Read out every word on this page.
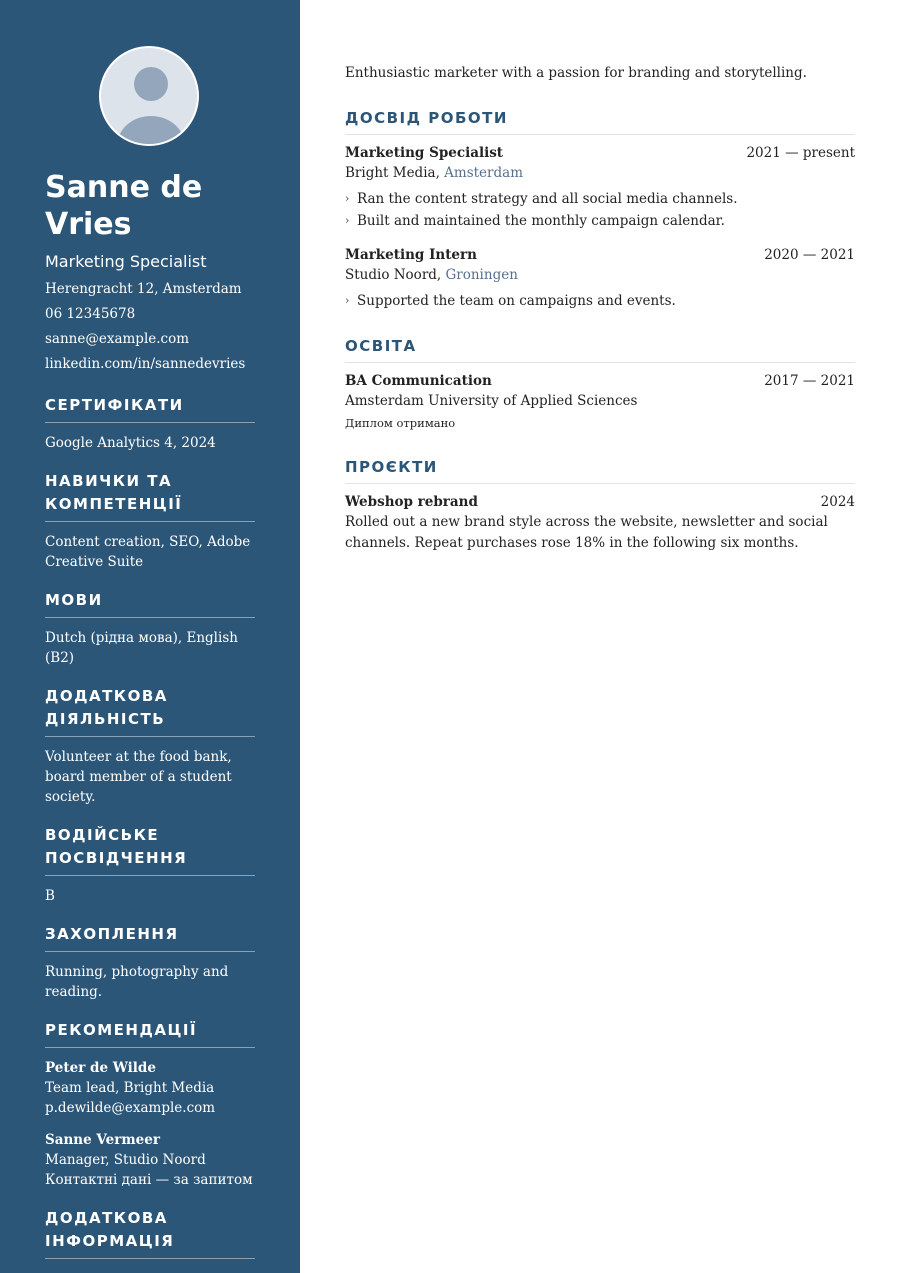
Sanne de Vries
Marketing Specialist
Herengracht 12, Amsterdam
06 12345678
sanne@example.com
linkedin.com/in/sannedevries
СЕРТИФІКАТИ
Google Analytics 4, 2024
НАВИЧКИ ТА КОМПЕТЕНЦІЇ
Content creation, SEO, Adobe Creative Suite
МОВИ
Dutch (рідна мова), English (B2)
ДОДАТКОВА ДІЯЛЬНІСТЬ
Volunteer at the food bank, board member of a student society.
ВОДІЙСЬКЕ ПОСВІДЧЕННЯ
B
ЗАХОПЛЕННЯ
Running, photography and reading.
РЕКОМЕНДАЦІЇ
Peter de Wilde
Team lead, Bright Media
p.dewilde@example.com
Sanne Vermeer
Manager, Studio Noord
Контактні дані — за запитом
ДОДАТКОВА ІНФОРМАЦІЯ
Enthusiastic marketer with a passion for branding and storytelling.
ДОСВІД РОБОТИ
Marketing Specialist	2021 — present
Bright Media, Amsterdam
› Ran the content strategy and all social media channels.
› Built and maintained the monthly campaign calendar.
Marketing Intern	2020 — 2021
Studio Noord, Groningen
› Supported the team on campaigns and events.
ОСВІТА
BA Communication	2017 — 2021
Amsterdam University of Applied Sciences
Диплом отримано
ПРОЄКТИ
Webshop rebrand	2024
Rolled out a new brand style across the website, newsletter and social channels. Repeat purchases rose 18% in the following six months.
